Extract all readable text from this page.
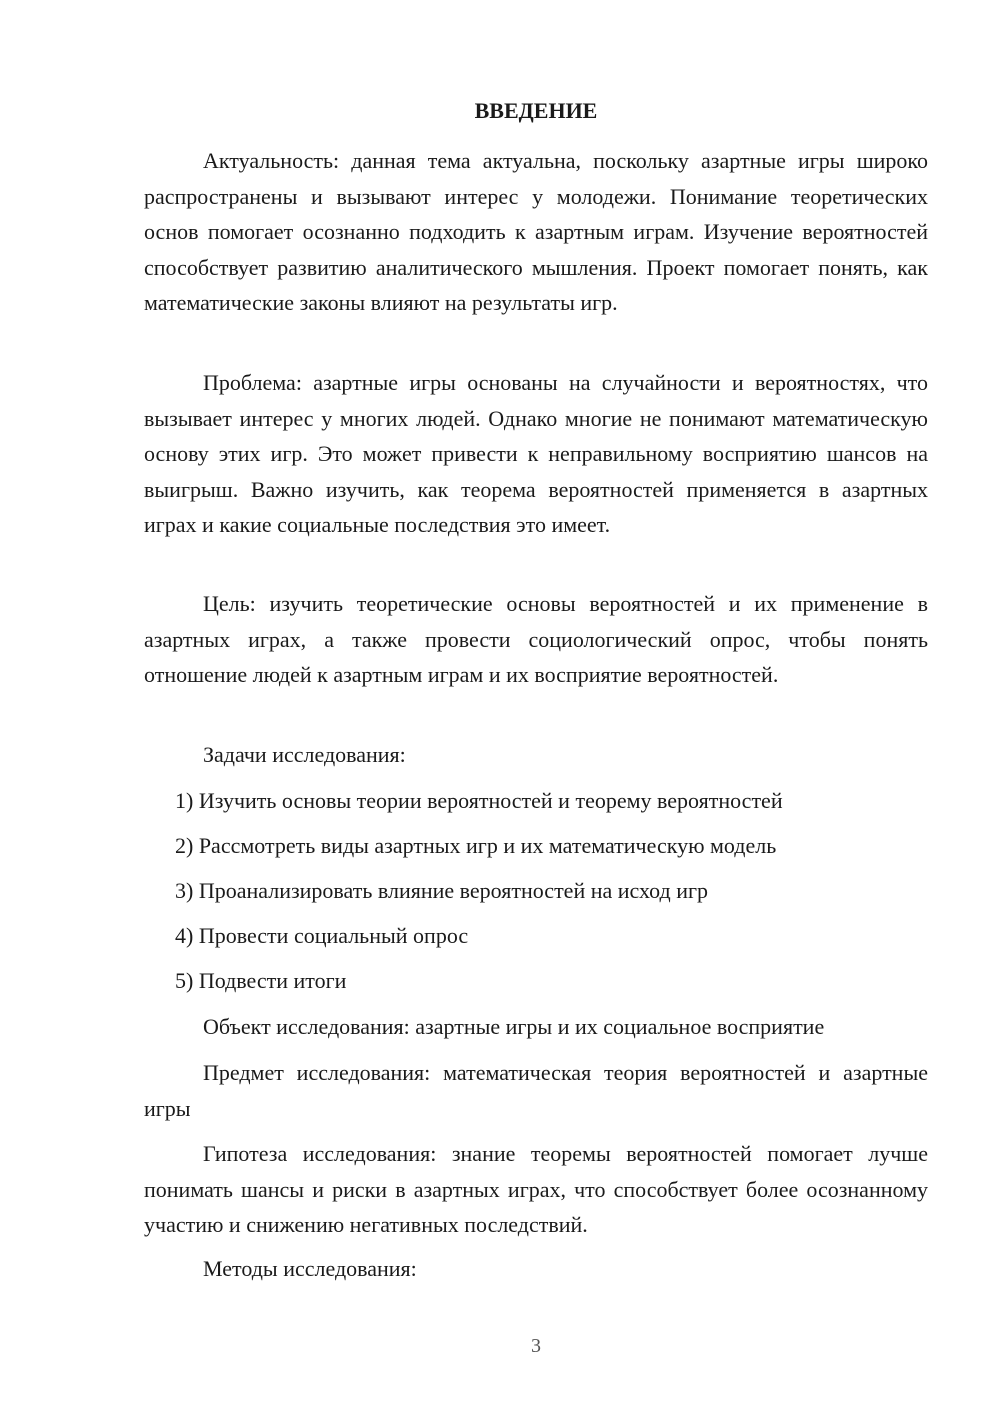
ВВЕДЕНИЕ

Актуальность: данная тема актуальна, поскольку азартные игры широко распространены и вызывают интерес у молодежи. Понимание теоретических основ помогает осознанно подходить к азартным играм. Изучение вероятностей способствует развитию аналитического мышления. Проект помогает понять, как математические законы влияют на результаты игр.

Проблема: азартные игры основаны на случайности и вероятностях, что вызывает интерес у многих людей. Однако многие не понимают математическую основу этих игр. Это может привести к неправильному восприятию шансов на выигрыш. Важно изучить, как теорема вероятностей применяется в азартных играх и какие социальные последствия это имеет.

Цель: изучить теоретические основы вероятностей и их применение в азартных играх, а также провести социологический опрос, чтобы понять отношение людей к азартным играм и их восприятие вероятностей.

Задачи исследования:

1) Изучить основы теории вероятностей и теорему вероятностей

2) Рассмотреть виды азартных игр и их математическую модель

3) Проанализировать влияние вероятностей на исход игр

4) Провести социальный опрос

5) Подвести итоги

Объект исследования: азартные игры и их социальное восприятие

Предмет исследования: математическая теория вероятностей и азартные игры

Гипотеза исследования: знание теоремы вероятностей помогает лучше понимать шансы и риски в азартных играх, что способствует более осознанному участию и снижению негативных последствий.

Методы исследования:

3
